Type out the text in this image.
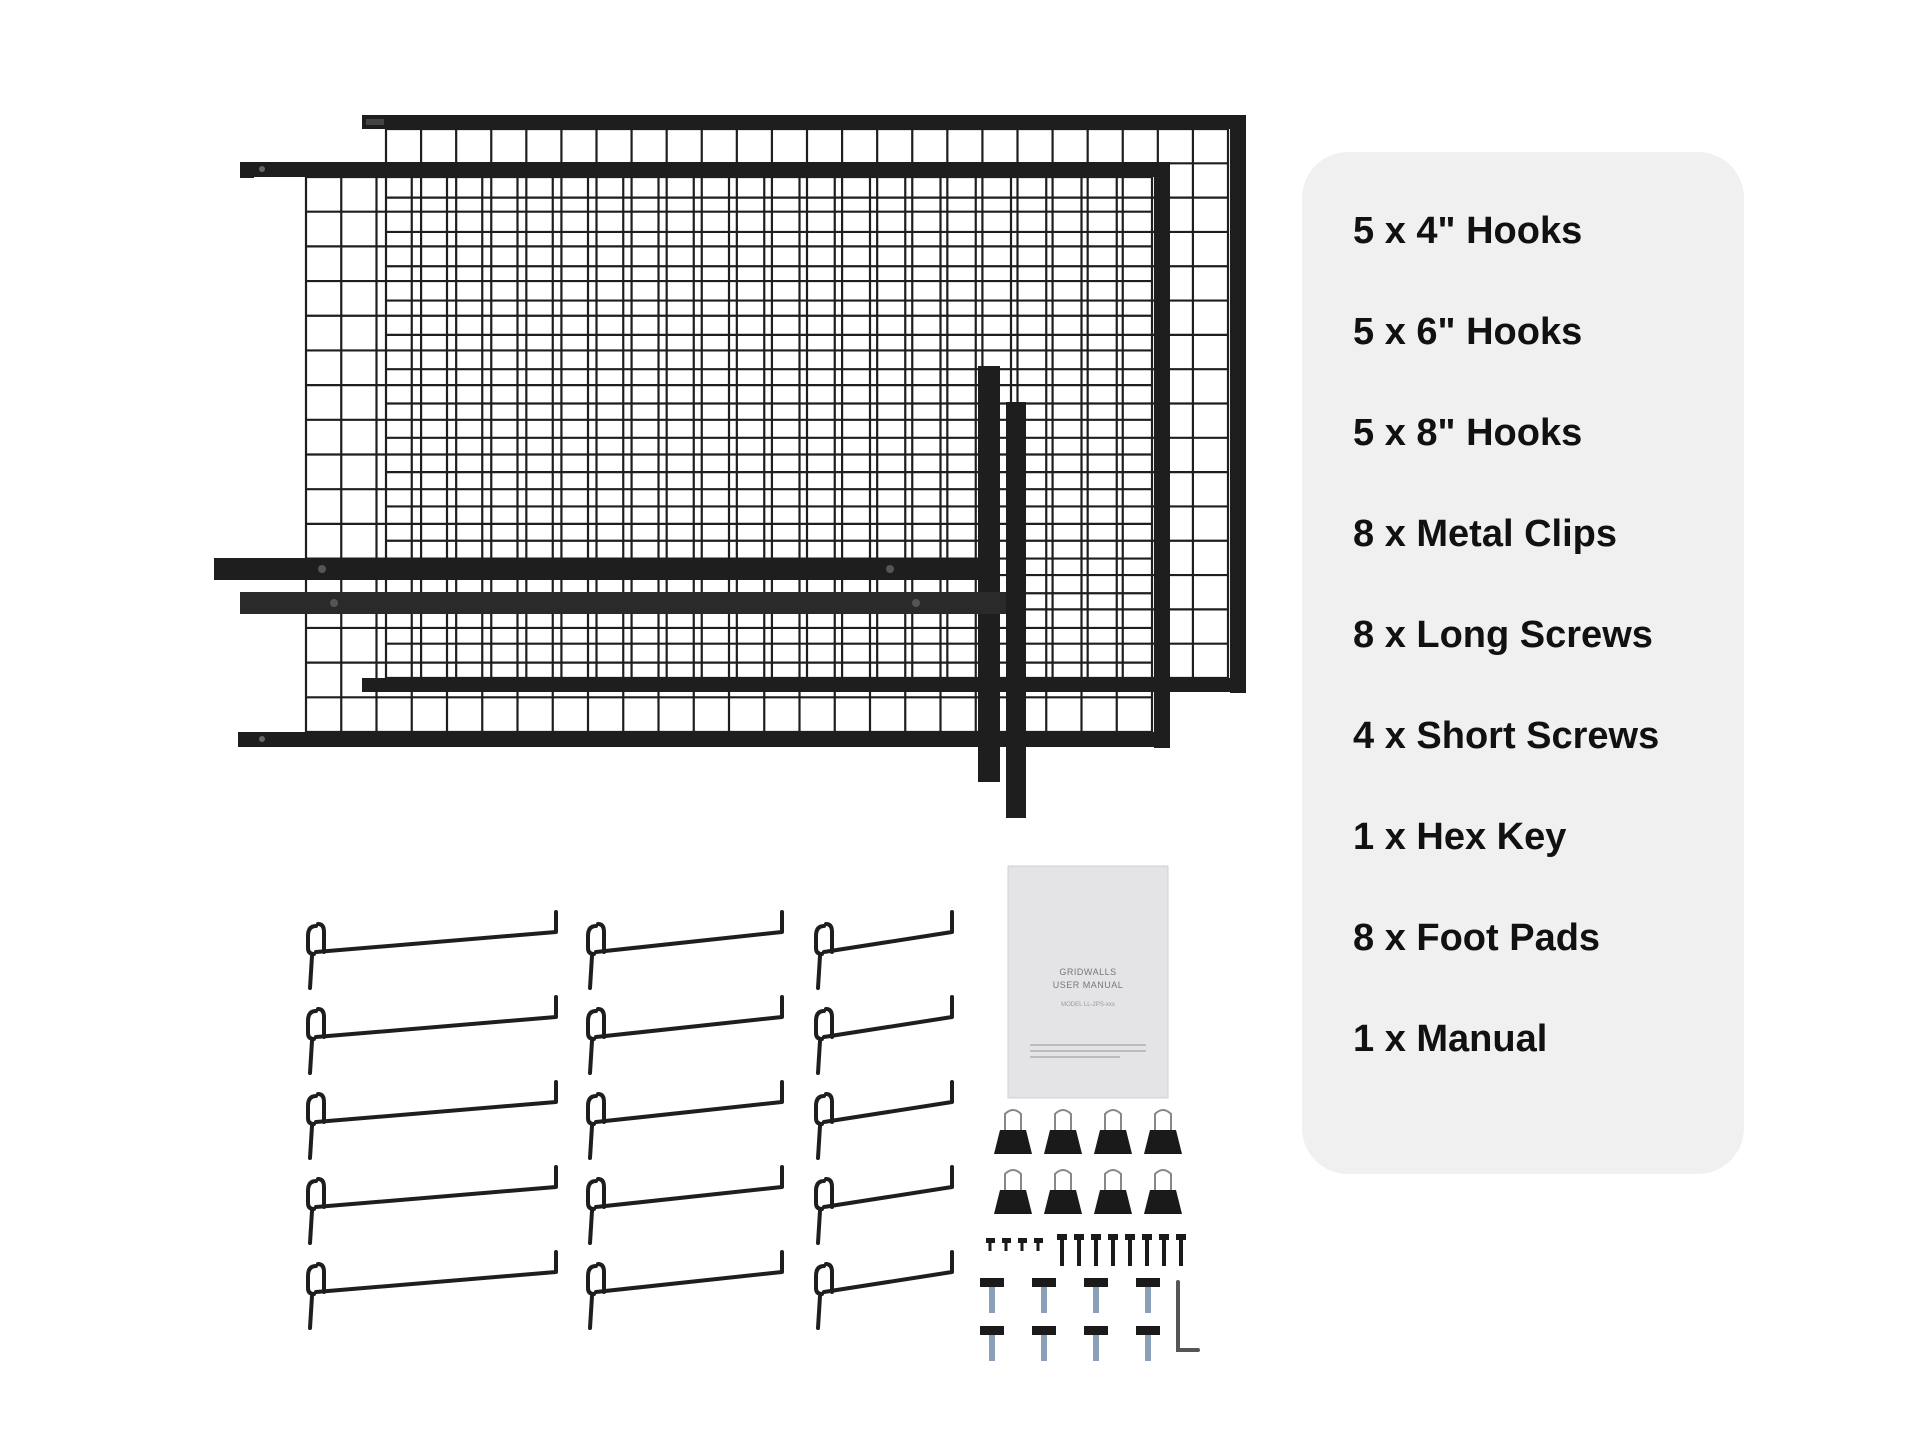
GRIDWALLS
USER MANUAL
MODEL LL-2PS-xxx
5 x 4" Hooks
5 x 6" Hooks
5 x 8" Hooks
8 x Metal Clips
8 x Long Screws
4 x Short Screws
1 x Hex Key
8 x Foot Pads
1 x Manual
